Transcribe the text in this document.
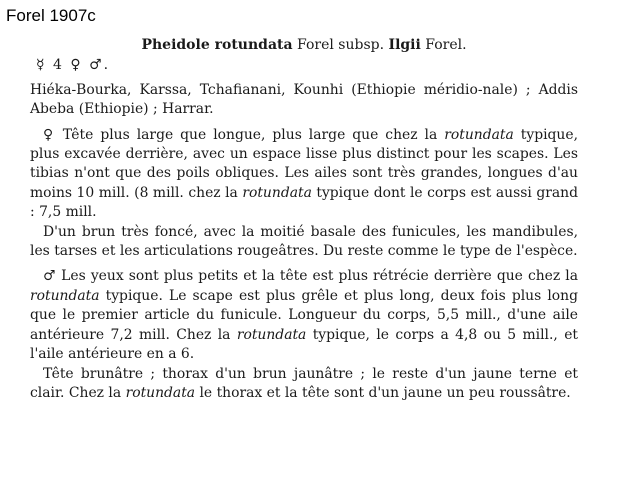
Forel 1907c
Pheidole rotundata Forel subsp. Ilgii Forel.
☿ 4 ♀ ♂.

Hiéka-Bourka, Karssa, Tchafianani, Kounhi (Ethiopie méridio-nale) ; Addis Abeba (Ethiopie) ; Harrar.

♀ Tête plus large que longue, plus large que chez la rotundata typique, plus excavée derrière, avec un espace lisse plus distinct pour les scapes. Les tibias n'ont que des poils obliques. Les ailes sont très grandes, longues d'au moins 10 mill. (8 mill. chez la rotundata typique dont le corps est aussi grand : 7,5 mill.

D'un brun très foncé, avec la moitié basale des funicules, les mandibules, les tarses et les articulations rougeâtres. Du reste comme le type de l'espèce.

♂ Les yeux sont plus petits et la tête est plus rétrécie derrière que chez la rotundata typique. Le scape est plus grêle et plus long, deux fois plus long que le premier article du funicule. Longueur du corps, 5,5 mill., d'une aile antérieure 7,2 mill. Chez la rotundata typique, le corps a 4,8 ou 5 mill., et l'aile antérieure en a 6.

Tête brunâtre ; thorax d'un brun jaunâtre ; le reste d'un jaune terne et clair. Chez la rotundata le thorax et la tête sont d'un jaune un peu roussâtre.
